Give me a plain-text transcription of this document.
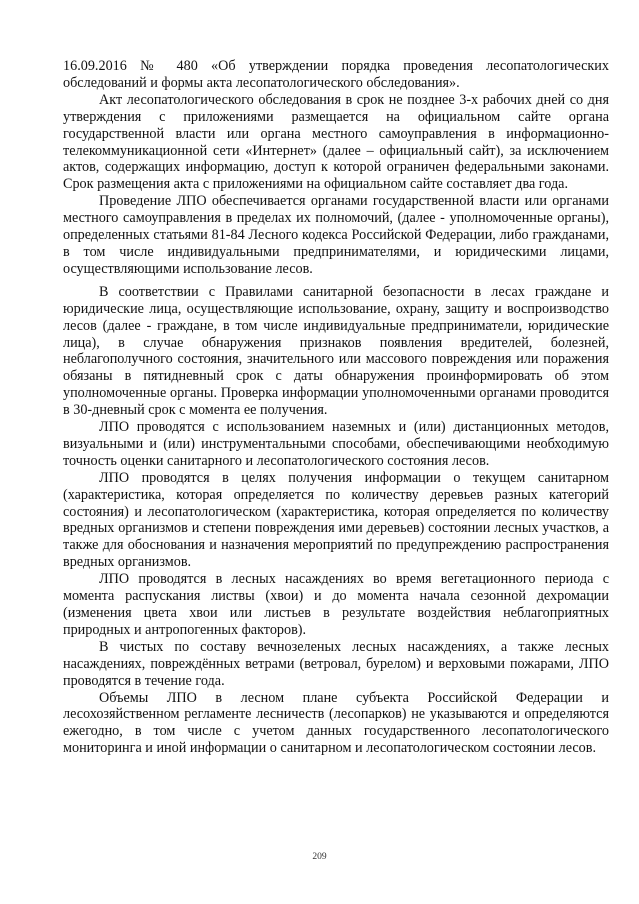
16.09.2016 № 480 «Об утверждении порядка проведения лесопатологических обследований и формы акта лесопатологического обследования».

Акт лесопатологического обследования в срок не позднее 3-х рабочих дней со дня утверждения с приложениями размещается на официальном сайте органа государственной власти или органа местного самоуправления в информационно-телекоммуникационной сети «Интернет» (далее – официальный сайт), за исключением актов, содержащих информацию, доступ к которой ограничен федеральными законами. Срок размещения акта с приложениями на официальном сайте составляет два года.

Проведение ЛПО обеспечивается органами государственной власти или органами местного самоуправления в пределах их полномочий, (далее - уполномоченные органы), определенных статьями 81-84 Лесного кодекса Российской Федерации, либо гражданами, в том числе индивидуальными предпринимателями, и юридическими лицами, осуществляющими использование лесов.

В соответствии с Правилами санитарной безопасности в лесах граждане и юридические лица, осуществляющие использование, охрану, защиту и воспроизводство лесов (далее - граждане, в том числе индивидуальные предприниматели, юридические лица), в случае обнаружения признаков появления вредителей, болезней, неблагополучного состояния, значительного или массового повреждения или поражения обязаны в пятидневный срок с даты обнаружения проинформировать об этом уполномоченные органы. Проверка информации уполномоченными органами проводится в 30-дневный срок с момента ее получения.

ЛПО проводятся с использованием наземных и (или) дистанционных методов, визуальными и (или) инструментальными способами, обеспечивающими необходимую точность оценки санитарного и лесопатологического состояния лесов.

ЛПО проводятся в целях получения информации о текущем санитарном (характеристика, которая определяется по количеству деревьев разных категорий состояния) и лесопатологическом (характеристика, которая определяется по количеству вредных организмов и степени повреждения ими деревьев) состоянии лесных участков, а также для обоснования и назначения мероприятий по предупреждению распространения вредных организмов.

ЛПО проводятся в лесных насаждениях во время вегетационного периода с момента распускания листвы (хвои) и до момента начала сезонной дехромации (изменения цвета хвои или листьев в результате воздействия неблагоприятных природных и антропогенных факторов).

В чистых по составу вечнозеленых лесных насаждениях, а также лесных насаждениях, повреждённых ветрами (ветровал, бурелом) и верховыми пожарами, ЛПО проводятся в течение года.

Объемы ЛПО в лесном плане субъекта Российской Федерации и лесохозяйственном регламенте лесничеств (лесопарков) не указываются и определяются ежегодно, в том числе с учетом данных государственного лесопатологического мониторинга и иной информации о санитарном и лесопатологическом состоянии лесов.

209
